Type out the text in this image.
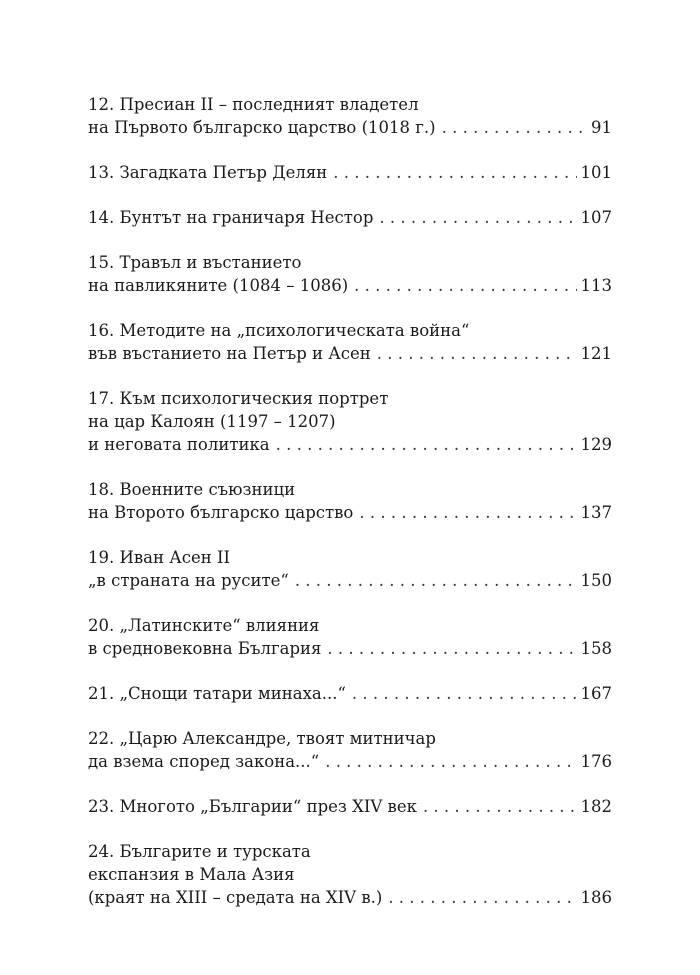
12. Пресиан II – последният владетел
на Първото българско царство (1018 г.) . . .	91
13. Загадката Петър Делян . . .	101
14. Бунтът на граничаря Нестор . . .	107
15. Травъл и въстанието
на павликяните (1084 – 1086) . . .	113
16. Методите на „психологическата война“
във въстанието на Петър и Асен . . .	121
17. Към психологическия портрет
на цар Калоян (1197 – 1207)
и неговата политика . . .	129
18. Военните съюзници
на Второто българско царство . . .	137
19. Иван Асен II
„в страната на русите“ . . .	150
20. „Латинските“ влияния
в средновековна България . . .	158
21. „Снощи татари минаха...“ . . .	167
22. „Царю Александре, твоят митничар
да взема според закона...“ . . .	176
23. Многото „Българии“ през XIV век . . .	182
24. Българите и турската
експанзия в Мала Азия
(краят на XIII – средата на XIV в.) . . .	186
